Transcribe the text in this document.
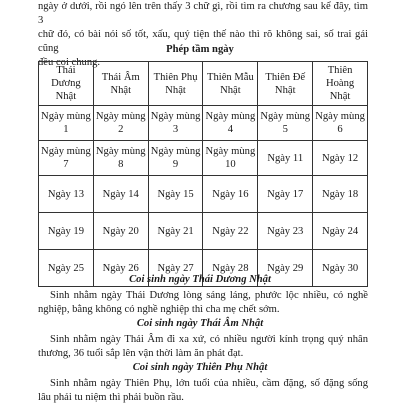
ngày ở dưới, rồi ngó lên trên thấy 3 chữ gì, rồi tìm ra chương sau kể đây, tìm 3

chữ đó, có bài nói số tốt, xấu, quý tiện thế nào thì rõ không sai, số trai gái cũng

đều coi chung.

Phép tầm ngày
Thái Dương Nhật	Thái Âm Nhật	Thiên Phụ Nhật	Thiên Mẫu Nhật	Thiên Đế Nhật	Thiên Hoàng Nhật
Ngày mùng 1	Ngày mùng 2	Ngày mùng 3	Ngày mùng 4	Ngày mùng 5	Ngày mùng 6
Ngày mùng 7	Ngày mùng 8	Ngày mùng 9	Ngày mùng 10	Ngày 11	Ngày 12
Ngày 13	Ngày 14	Ngày 15	Ngày 16	Ngày 17	Ngày 18
Ngày 19	Ngày 20	Ngày 21	Ngày 22	Ngày 23	Ngày 24
Ngày 25	Ngày 26	Ngày 27	Ngày 28	Ngày 29	Ngày 30
Coi sinh ngày Thái Dương Nhật

Sinh nhằm ngày Thái Dương lòng sáng láng, phước lộc nhiều, có nghề nghiệp, bằng không có nghề nghiệp thì cha mẹ chết sớm.

Coi sinh ngày Thái Âm Nhật

Sinh nhằm ngày Thái Âm đi xa xứ, có nhiều người kính trọng quý nhân thương, 36 tuổi sắp lên vận thời làm ăn phát đạt.

Coi sinh ngày Thiên Phụ Nhật

Sinh nhằm ngày Thiên Phụ, lớn tuổi của nhiều, cầm đặng, số đặng sống lâu phải tu niệm thì phải buồn rầu.
